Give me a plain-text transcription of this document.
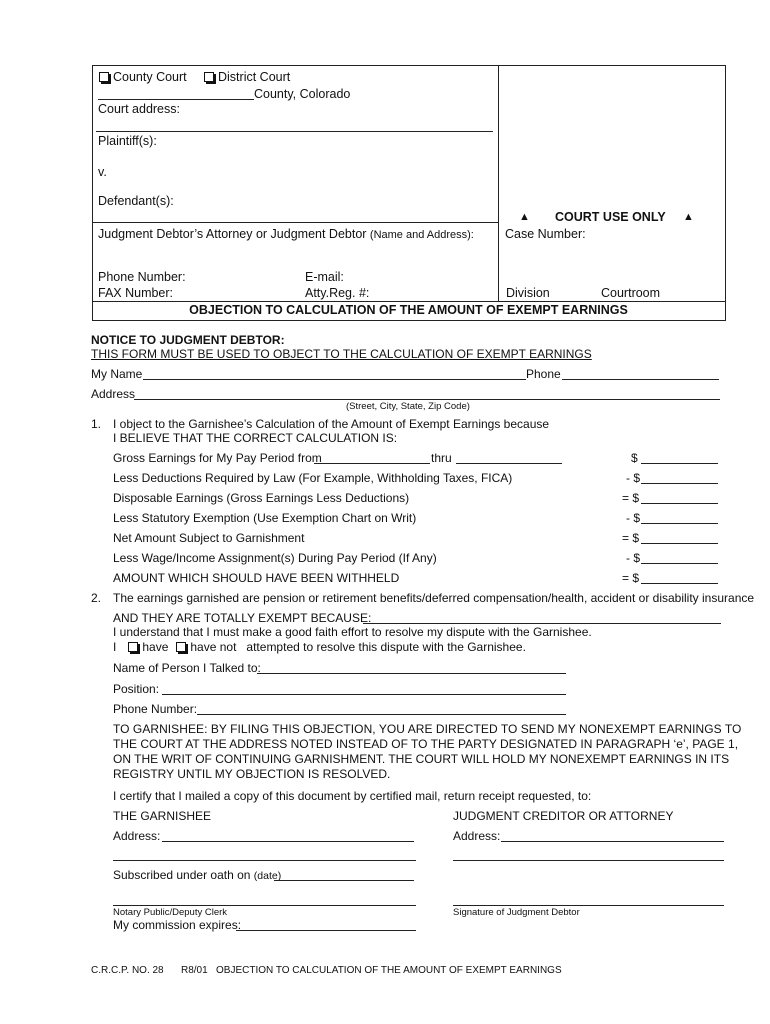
County Court	District Court
County, Colorado
Court address:
Plaintiff(s):
v.
Defendant(s):
▲ COURT USE ONLY ▲
Judgment Debtor’s Attorney or Judgment Debtor (Name and Address): Case Number:
Phone Number:	E-mail:
FAX Number:	Atty.Reg. #:	Division	Courtroom
OBJECTION TO CALCULATION OF THE AMOUNT OF EXEMPT EARNINGS
NOTICE TO JUDGMENT DEBTOR:
THIS FORM MUST BE USED TO OBJECT TO THE CALCULATION OF EXEMPT EARNINGS
My Name	Phone
Address
(Street, City, State, Zip Code)
1. I object to the Garnishee’s Calculation of the Amount of Exempt Earnings because
I BELIEVE THAT THE CORRECT CALCULATION IS:
Gross Earnings for My Pay Period from	thru	$
Less Deductions Required by Law (For Example, Withholding Taxes, FICA)	- $
Disposable Earnings (Gross Earnings Less Deductions)	= $
Less Statutory Exemption (Use Exemption Chart on Writ)	- $
Net Amount Subject to Garnishment	= $
Less Wage/Income Assignment(s) During Pay Period (If Any)	- $
AMOUNT WHICH SHOULD HAVE BEEN WITHHELD	= $
2. The earnings garnished are pension or retirement benefits/deferred compensation/health, accident or disability insurance
AND THEY ARE TOTALLY EXEMPT BECAUSE:
I understand that I must make a good faith effort to resolve my dispute with the Garnishee.
I have have not attempted to resolve this dispute with the Garnishee.
Name of Person I Talked to:
Position:
Phone Number:
TO GARNISHEE: BY FILING THIS OBJECTION, YOU ARE DIRECTED TO SEND MY NONEXEMPT EARNINGS TO
THE COURT AT THE ADDRESS NOTED INSTEAD OF TO THE PARTY DESIGNATED IN PARAGRAPH ‘e’, PAGE 1,
ON THE WRIT OF CONTINUING GARNISHMENT. THE COURT WILL HOLD MY NONEXEMPT EARNINGS IN ITS
REGISTRY UNTIL MY OBJECTION IS RESOLVED.
I certify that I mailed a copy of this document by certified mail, return receipt requested, to:
THE GARNISHEE	JUDGMENT CREDITOR OR ATTORNEY
Address:	Address:
Subscribed under oath on (date)
Notary Public/Deputy Clerk	Signature of Judgment Debtor
My commission expires:
C.R.C.P. NO. 28 R8/01 OBJECTION TO CALCULATION OF THE AMOUNT OF EXEMPT EARNINGS
